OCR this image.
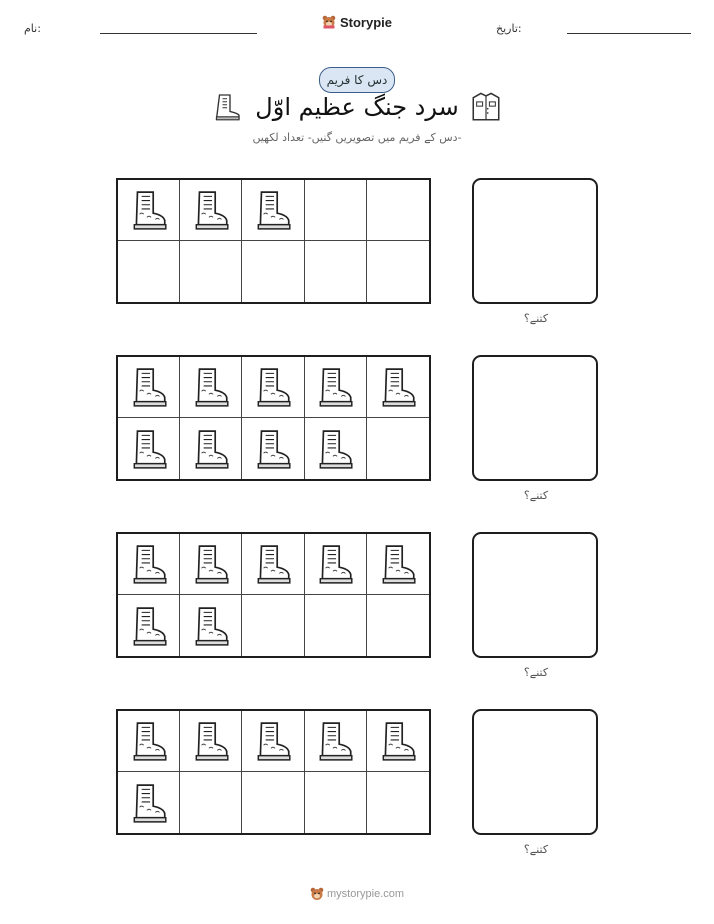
نام:	تاریخ:
Storypie
دس کا فریم
سرد جنگ عظیم اوّل
دس کے فریم میں تصویریں گنیں- تعداد لکھیں-
کتنے؟
کتنے؟
کتنے؟
کتنے؟
mystorypie.com
